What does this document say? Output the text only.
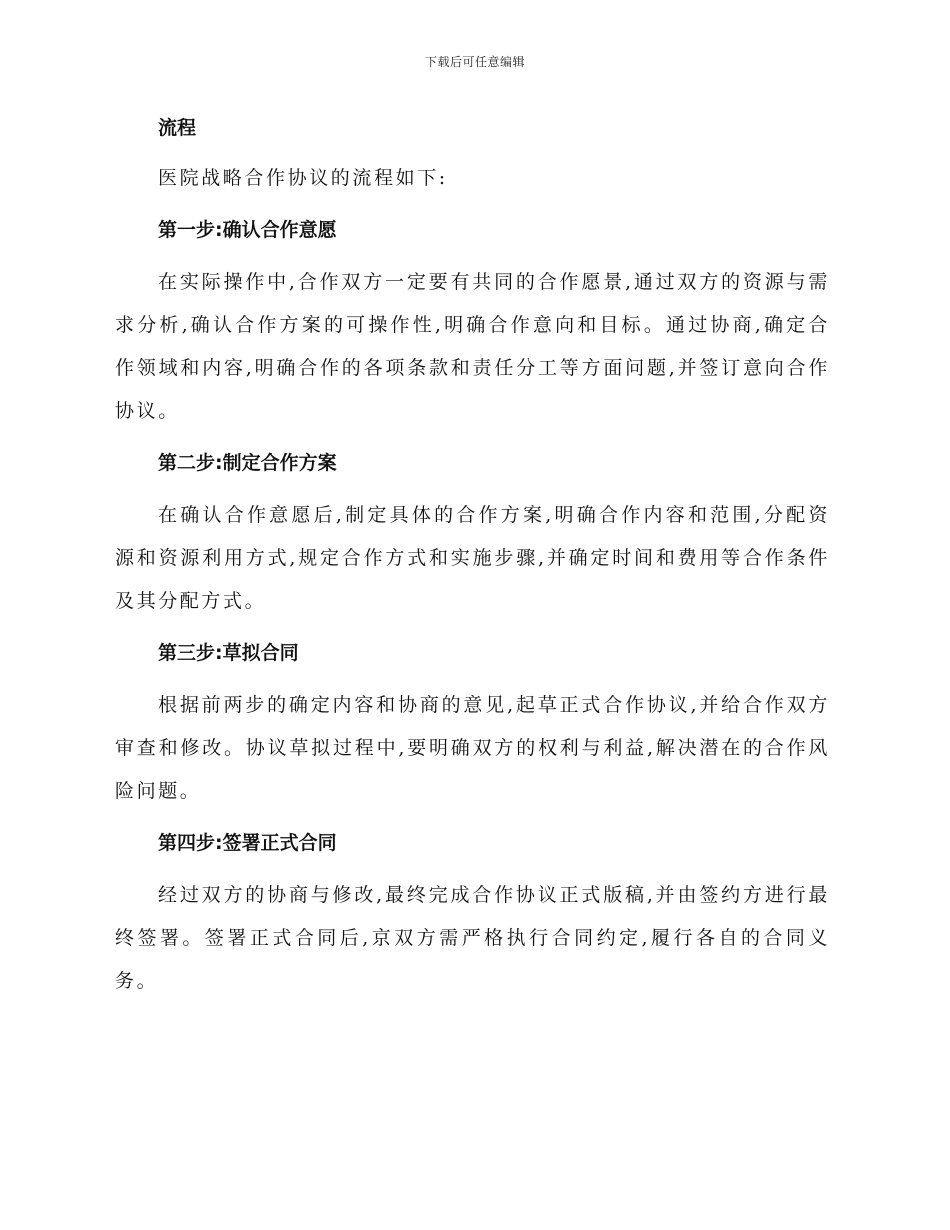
下载后可任意编辑
流程

医院战略合作协议的流程如下:

第一步:确认合作意愿

在实际操作中,合作双方一定要有共同的合作愿景,通过双方的资源与需求分析,确认合作方案的可操作性,明确合作意向和目标。通过协商,确定合作领域和内容,明确合作的各项条款和责任分工等方面问题,并签订意向合作协议。

第二步:制定合作方案

在确认合作意愿后,制定具体的合作方案,明确合作内容和范围,分配资源和资源利用方式,规定合作方式和实施步骤,并确定时间和费用等合作条件及其分配方式。

第三步:草拟合同

根据前两步的确定内容和协商的意见,起草正式合作协议,并给合作双方审查和修改。协议草拟过程中,要明确双方的权利与利益,解决潜在的合作风险问题。

第四步:签署正式合同

经过双方的协商与修改,最终完成合作协议正式版稿,并由签约方进行最终签署。签署正式合同后,京双方需严格执行合同约定,履行各自的合同义务。
